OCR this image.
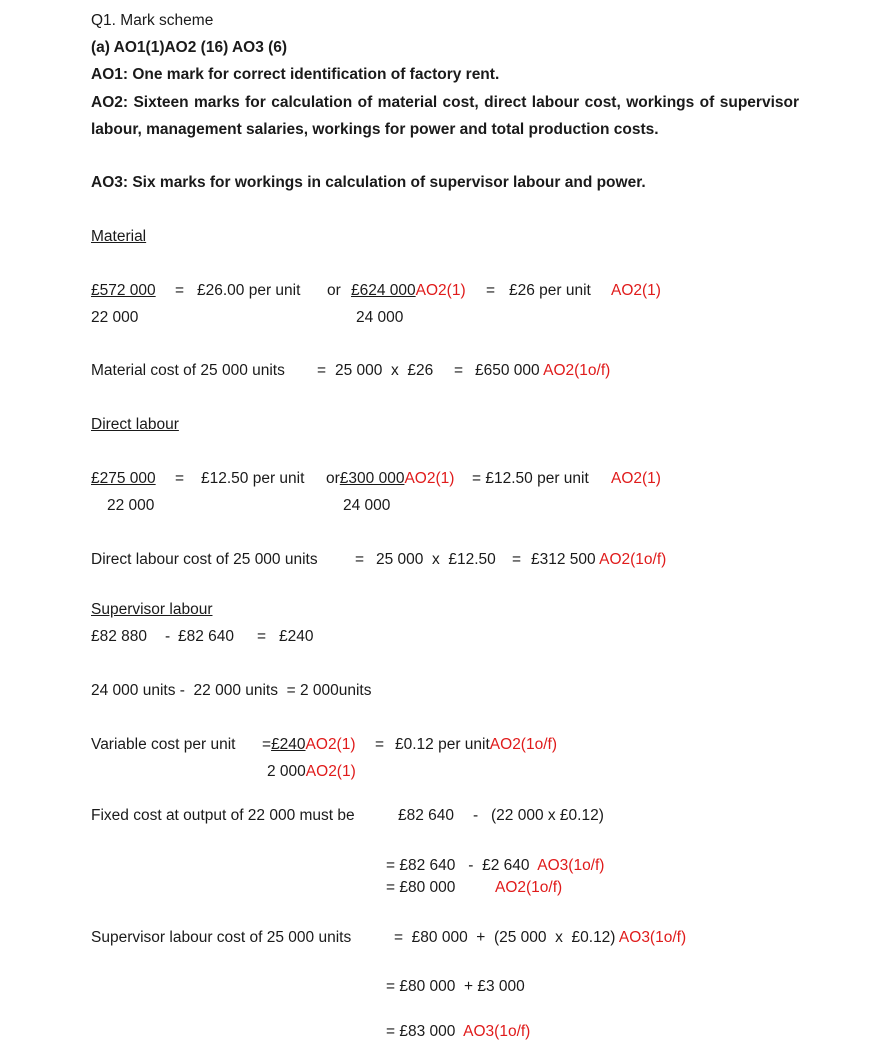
Q1. Mark scheme
(a) AO1(1)AO2 (16) AO3 (6)
AO1: One mark for correct identification of factory rent.
AO2: Sixteen marks for calculation of material cost, direct labour cost, workings of supervisor labour, management salaries, workings for power and total production costs.
AO3: Six marks for workings in calculation of supervisor labour and power.
Material
£572 000 = £26.00 per unit or £624 000AO2(1) = £26 per unit AO2(1)
22 000	24 000
Material cost of 25 000 units = 25 000  x  £26 = £650 000 AO2(1o/f)
Direct labour
£275 000 = £12.50 per unit or£300 000AO2(1) = £12.50 per unit AO2(1)
22 000	24 000
Direct labour cost of 25 000 units = 25 000  x  £12.50 = £312 500 AO2(1o/f)
Supervisor labour
£82 880 - £82 640 = £240
24 000 units -  22 000 units  = 2 000units
Variable cost per unit =£240AO2(1) = £0.12 per unitAO2(1o/f)
2 000AO2(1)
Fixed cost at output of 22 000 must be	£82 640 - (22 000 x £0.12)
= £82 640   -  £2 640 AO3(1o/f)
= £80 000	AO2(1o/f)
Supervisor labour cost of 25 000 units	=  £80 000  +  (25 000  x  £0.12) AO3(1o/f)
= £80 000  + £3 000
= £83 000 AO3(1o/f)
